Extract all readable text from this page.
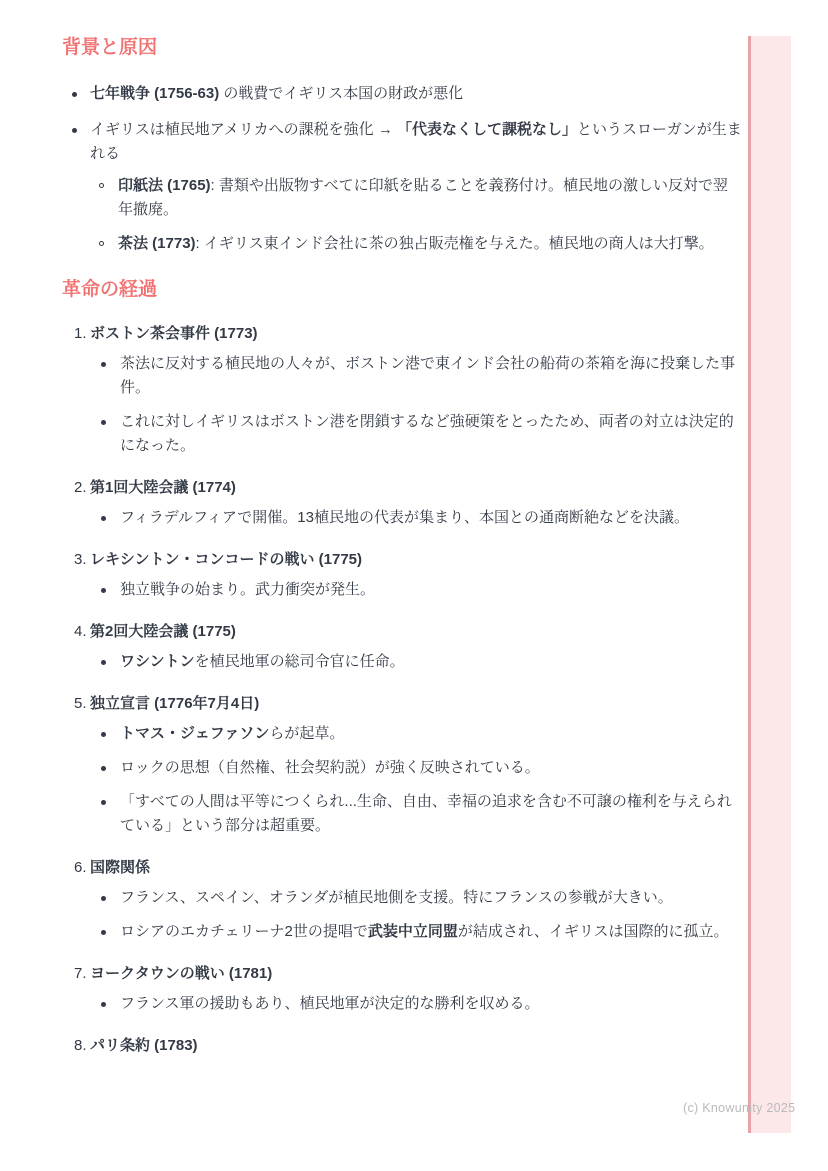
背景と原因
七年戦争 (1756-63) の戦費でイギリス本国の財政が悪化
イギリスは植民地アメリカへの課税を強化 → 「代表なくして課税なし」というスローガンが生まれる
印紙法 (1765): 書類や出版物すべてに印紙を貼ることを義務付け。植民地の激しい反対で翌年撤廃。
茶法 (1773): イギリス東インド会社に茶の独占販売権を与えた。植民地の商人は大打撃。
革命の経過
1. ボストン茶会事件 (1773)
茶法に反対する植民地の人々が、ボストン港で東インド会社の船荷の茶箱を海に投棄した事件。
これに対しイギリスはボストン港を閉鎖するなど強硬策をとったため、両者の対立は決定的になった。
2. 第1回大陸会議 (1774)
フィラデルフィアで開催。13植民地の代表が集まり、本国との通商断絶などを決議。
3. レキシントン・コンコードの戦い (1775)
独立戦争の始まり。武力衝突が発生。
4. 第2回大陸会議 (1775)
ワシントンを植民地軍の総司令官に任命。
5. 独立宣言 (1776年7月4日)
トマス・ジェファソンらが起草。
ロックの思想（自然権、社会契約説）が強く反映されている。
「すべての人間は平等につくられ...生命、自由、幸福の追求を含む不可譲の権利を与えられている」という部分は超重要。
6. 国際関係
フランス、スペイン、オランダが植民地側を支援。特にフランスの参戦が大きい。
ロシアのエカチェリーナ2世の提唱で武装中立同盟が結成され、イギリスは国際的に孤立。
7. ヨークタウンの戦い (1781)
フランス軍の援助もあり、植民地軍が決定的な勝利を収める。
8. パリ条約 (1783)
(c) Knowunity 2025
